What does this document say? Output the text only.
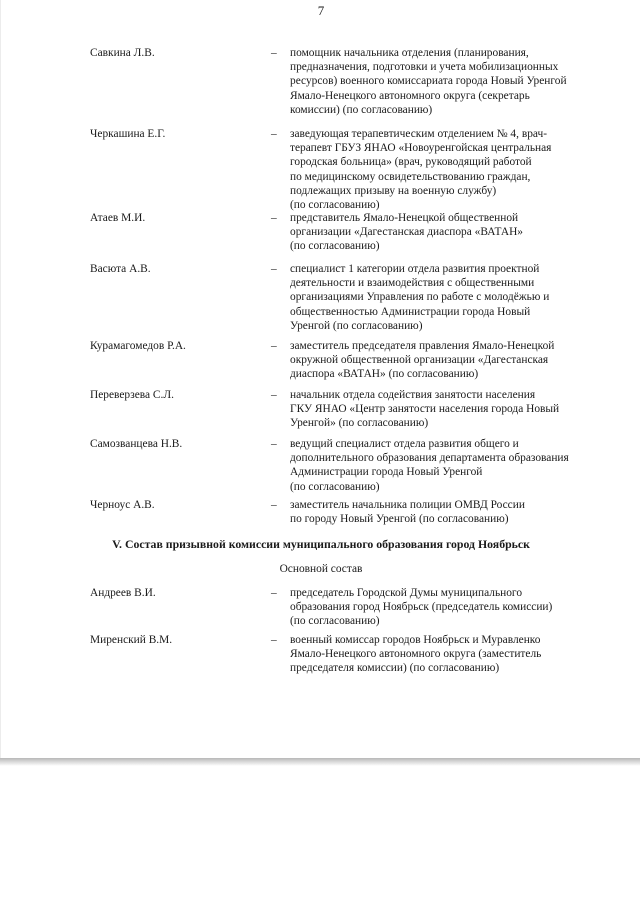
7
Савкина Л.В.	– помощник начальника отделения (планирования,
предназначения, подготовки и учета мобилизационных
ресурсов) военного комиссариата города Новый Уренгой
Ямало-Ненецкого автономного округа (секретарь
комиссии) (по согласованию)
Черкашина Е.Г.	– заведующая терапевтическим отделением № 4, врач-
терапевт ГБУЗ ЯНАО «Новоуренгойская центральная
городская больница» (врач, руководящий работой
по медицинскому освидетельствованию граждан,
подлежащих призыву на военную службу)
(по согласованию)
Атаев М.И.	– представитель Ямало-Ненецкой общественной
организации «Дагестанская диаспора «ВАТАН»
(по согласованию)
Васюта А.В.	– специалист 1 категории отдела развития проектной
деятельности и взаимодействия с общественными
организациями Управления по работе с молодёжью и
общественностью Администрации города Новый
Уренгой (по согласованию)
Курамагомедов Р.А.	– заместитель председателя правления Ямало-Ненецкой
окружной общественной организации «Дагестанская
диаспора «ВАТАН» (по согласованию)
Переверзева С.Л.	– начальник отдела содействия занятости населения
ГКУ ЯНАО «Центр занятости населения города Новый
Уренгой» (по согласованию)
Самозванцева Н.В.	– ведущий специалист отдела развития общего и
дополнительного образования департамента образования
Администрации города Новый Уренгой
(по согласованию)
Черноус А.В.	– заместитель начальника полиции ОМВД России
по городу Новый Уренгой (по согласованию)
V. Состав призывной комиссии муниципального образования город Ноябрьск
Основной состав
Андреев В.И.	– председатель Городской Думы муниципального
образования город Ноябрьск (председатель комиссии)
(по согласованию)
Миренский В.М.	– военный комиссар городов Ноябрьск и Муравленко
Ямало-Ненецкого автономного округа (заместитель
председателя комиссии) (по согласованию)
